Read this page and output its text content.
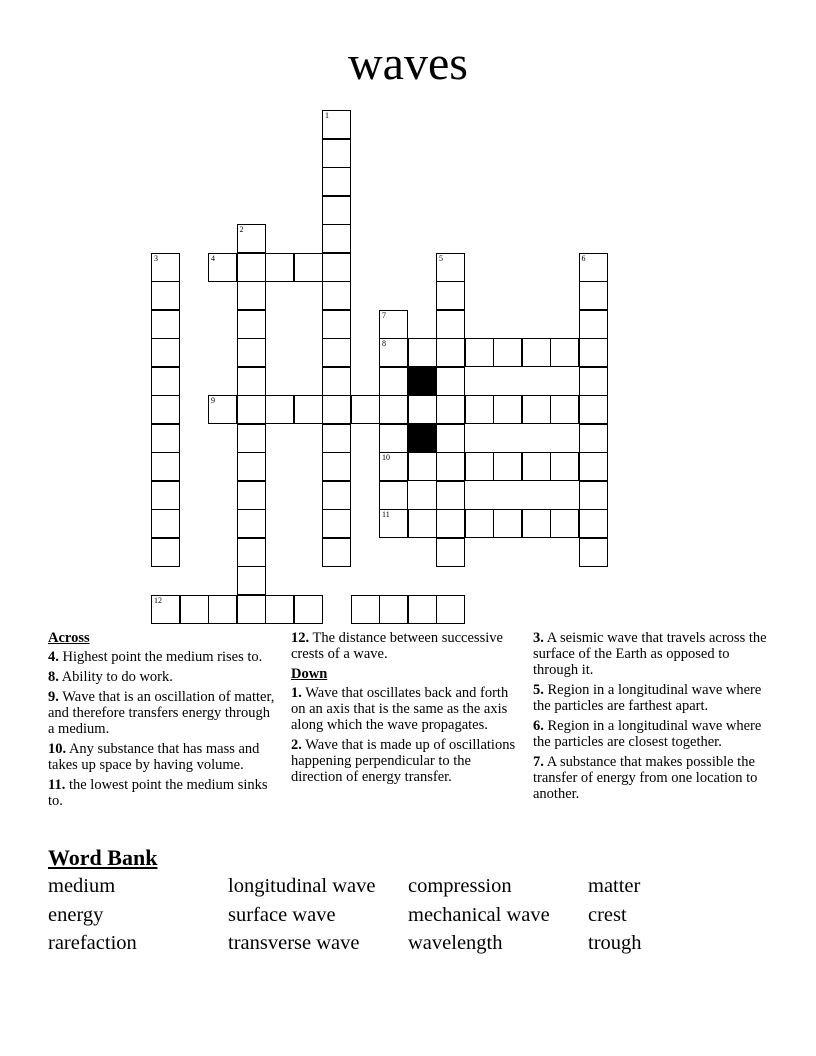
waves
1
2
3	4	5	6
7
8
10
11
9
12
Across
4. Highest point the medium rises to.
8. Ability to do work.
9. Wave that is an oscillation of matter, and therefore transfers energy through a medium.
10. Any substance that has mass and takes up space by having volume.
11. the lowest point the medium sinks to.
12. The distance between successive crests of a wave.
Down
1. Wave that oscillates back and forth on an axis that is the same as the axis along which the wave propagates.
2. Wave that is made up of oscillations happening perpendicular to the direction of energy transfer.
3. A seismic wave that travels across the surface of the Earth as opposed to through it.
5. Region in a longitudinal wave where the particles are farthest apart.
6. Region in a longitudinal wave where the particles are closest together.
7. A substance that makes possible the transfer of energy from one location to another.
Word Bank
medium	longitudinal wave	compression	matter
energy	surface wave	mechanical wave	crest
rarefaction	transverse wave	wavelength	trough
